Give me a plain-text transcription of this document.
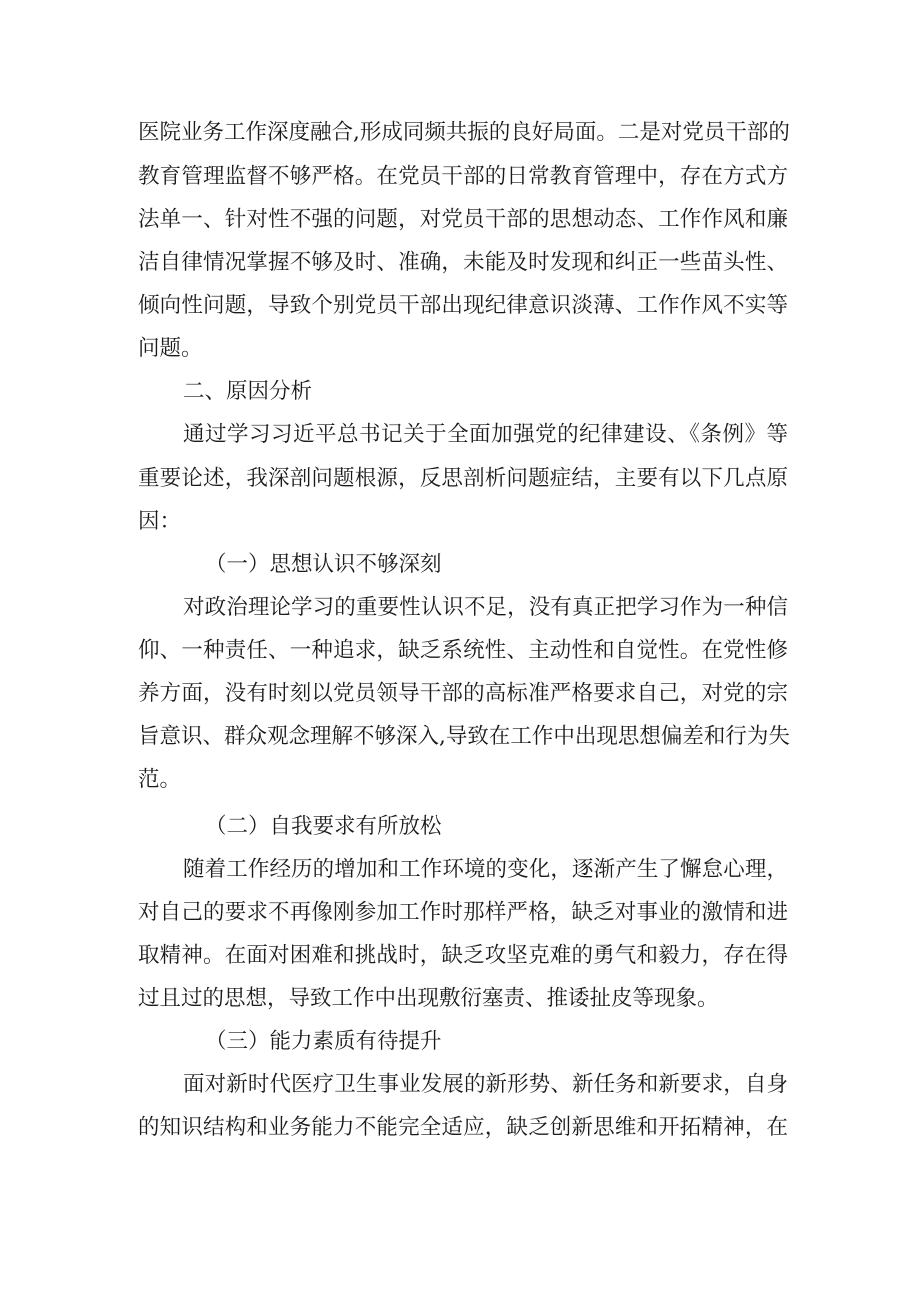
医院业务工作深度融合,形成同频共振的良好局面。二是对党员干部的
教育管理监督不够严格。在党员干部的日常教育管理中，存在方式方
法单一、针对性不强的问题，对党员干部的思想动态、工作作风和廉
洁自律情况掌握不够及时、准确，未能及时发现和纠正一些苗头性、
倾向性问题，导致个别党员干部出现纪律意识淡薄、工作作风不实等
问题。
二、原因分析
通过学习习近平总书记关于全面加强党的纪律建设、《条例》等
重要论述，我深剖问题根源，反思剖析问题症结，主要有以下几点原
因：
（一）思想认识不够深刻
对政治理论学习的重要性认识不足，没有真正把学习作为一种信
仰、一种责任、一种追求，缺乏系统性、主动性和自觉性。在党性修
养方面，没有时刻以党员领导干部的高标准严格要求自己，对党的宗
旨意识、群众观念理解不够深入,导致在工作中出现思想偏差和行为失
范。
（二）自我要求有所放松
随着工作经历的增加和工作环境的变化，逐渐产生了懈怠心理，
对自己的要求不再像刚参加工作时那样严格，缺乏对事业的激情和进
取精神。在面对困难和挑战时，缺乏攻坚克难的勇气和毅力，存在得
过且过的思想，导致工作中出现敷衍塞责、推诿扯皮等现象。
（三）能力素质有待提升
面对新时代医疗卫生事业发展的新形势、新任务和新要求，自身
的知识结构和业务能力不能完全适应，缺乏创新思维和开拓精神，在
